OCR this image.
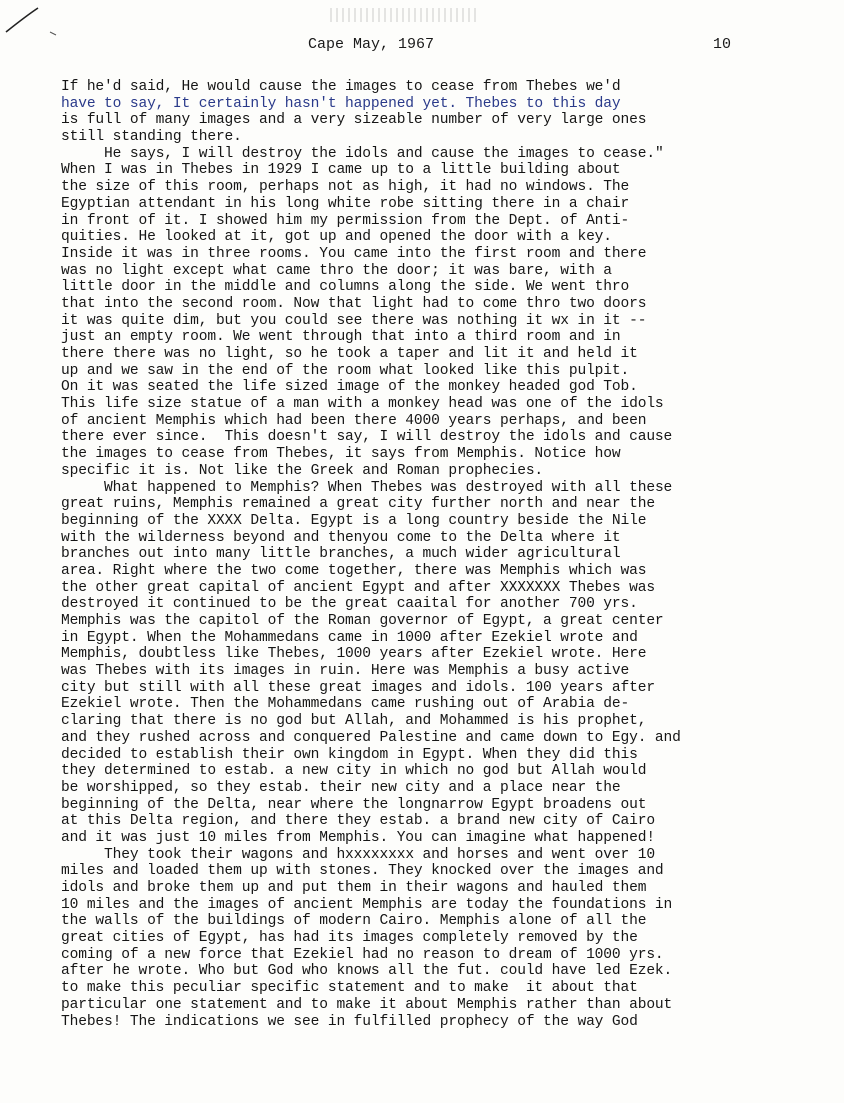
Cape May, 1967	10
If he'd said, He would cause the images to cease from Thebes we'd
have to say, It certainly hasn't happened yet. Thebes to this day
is full of many images and a very sizeable number of very large ones
still standing there.
He says, I will destroy the idols and cause the images to cease."
When I was in Thebes in 1929 I came up to a little building about
the size of this room, perhaps not as high, it had no windows. The
Egyptian attendant in his long white robe sitting there in a chair
in front of it. I showed him my permission from the Dept. of Anti-
quities. He looked at it, got up and opened the door with a key.
Inside it was in three rooms. You came into the first room and there
was no light except what came thro the door; it was bare, with a
little door in the middle and columns along the side. We went thro
that into the second room. Now that light had to come thro two doors
it was quite dim, but you could see there was nothing it wx in it --
just an empty room. We went through that into a third room and in
there there was no light, so he took a taper and lit it and held it
up and we saw in the end of the room what looked like this pulpit.
On it was seated the life sized image of the monkey headed god Tob.
This life size statue of a man with a monkey head was one of the idols
of ancient Memphis which had been there 4000 years perhaps, and been
there ever since.  This doesn't say, I will destroy the idols and cause
the images to cease from Thebes, it says from Memphis. Notice how
specific it is. Not like the Greek and Roman prophecies.
What happened to Memphis? When Thebes was destroyed with all these
great ruins, Memphis remained a great city further north and near the
beginning of the XXXX Delta. Egypt is a long country beside the Nile
with the wilderness beyond and thenyou come to the Delta where it
branches out into many little branches, a much wider agricultural
area. Right where the two come together, there was Memphis which was
the other great capital of ancient Egypt and after XXXXXXX Thebes was
destroyed it continued to be the great caaital for another 700 yrs.
Memphis was the capitol of the Roman governor of Egypt, a great center
in Egypt. When the Mohammedans came in 1000 after Ezekiel wrote and
Memphis, doubtless like Thebes, 1000 years after Ezekiel wrote. Here
was Thebes with its images in ruin. Here was Memphis a busy active
city but still with all these great images and idols. 100 years after
Ezekiel wrote. Then the Mohammedans came rushing out of Arabia de-
claring that there is no god but Allah, and Mohammed is his prophet,
and they rushed across and conquered Palestine and came down to Egy. and
decided to establish their own kingdom in Egypt. When they did this
they determined to estab. a new city in which no god but Allah would
be worshipped, so they estab. their new city and a place near the
beginning of the Delta, near where the longnarrow Egypt broadens out
at this Delta region, and there they estab. a brand new city of Cairo
and it was just 10 miles from Memphis. You can imagine what happened!
They took their wagons and hxxxxxxxx and horses and went over 10
miles and loaded them up with stones. They knocked over the images and
idols and broke them up and put them in their wagons and hauled them
10 miles and the images of ancient Memphis are today the foundations in
the walls of the buildings of modern Cairo. Memphis alone of all the
great cities of Egypt, has had its images completely removed by the
coming of a new force that Ezekiel had no reason to dream of 1000 yrs.
after he wrote. Who but God who knows all the fut. could have led Ezek.
to make this peculiar specific statement and to make  it about that
particular one statement and to make it about Memphis rather than about
Thebes! The indications we see in fulfilled prophecy of the way God
